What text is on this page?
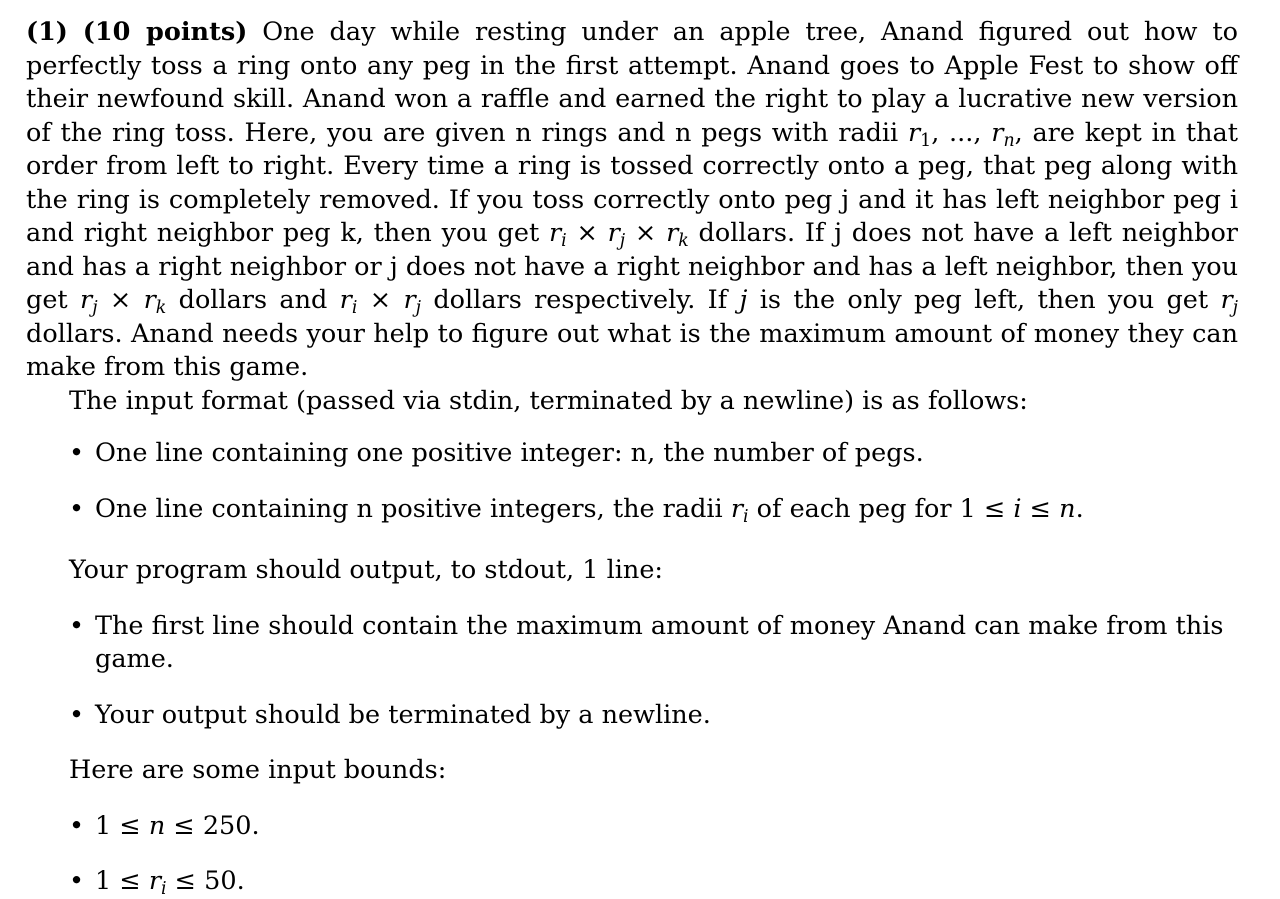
(1) (10 points) One day while resting under an apple tree, Anand figured out how to perfectly toss a ring onto any peg in the first attempt. Anand goes to Apple Fest to show off their newfound skill. Anand won a raffle and earned the right to play a lucrative new version of the ring toss. Here, you are given n rings and n pegs with radii $r_1$, ..., $r_n$, are kept in that order from left to right. Every time a ring is tossed correctly onto a peg, that peg along with the ring is completely removed. If you toss correctly onto peg j and it has left neighbor peg i and right neighbor peg k, then you get $r_i \times r_j \times r_k$ dollars. If j does not have a left neighbor and has a right neighbor or j does not have a right neighbor and has a left neighbor, then you get $r_j \times r_k$ dollars and $r_i \times r_j$ dollars respectively. If j is the only peg left, then you get $r_j$ dollars. Anand needs your help to figure out what is the maximum amount of money they can make from this game.

The input format (passed via stdin, terminated by a newline) is as follows:

• One line containing one positive integer: n, the number of pegs.
• One line containing n positive integers, the radii $r_i$ of each peg for 1 ≤ i ≤ n.

Your program should output, to stdout, 1 line:

• The first line should contain the maximum amount of money Anand can make from this game.
• Your output should be terminated by a newline.

Here are some input bounds:

• 1 ≤ n ≤ 250.
• $1 \le r_i \le 50$.
